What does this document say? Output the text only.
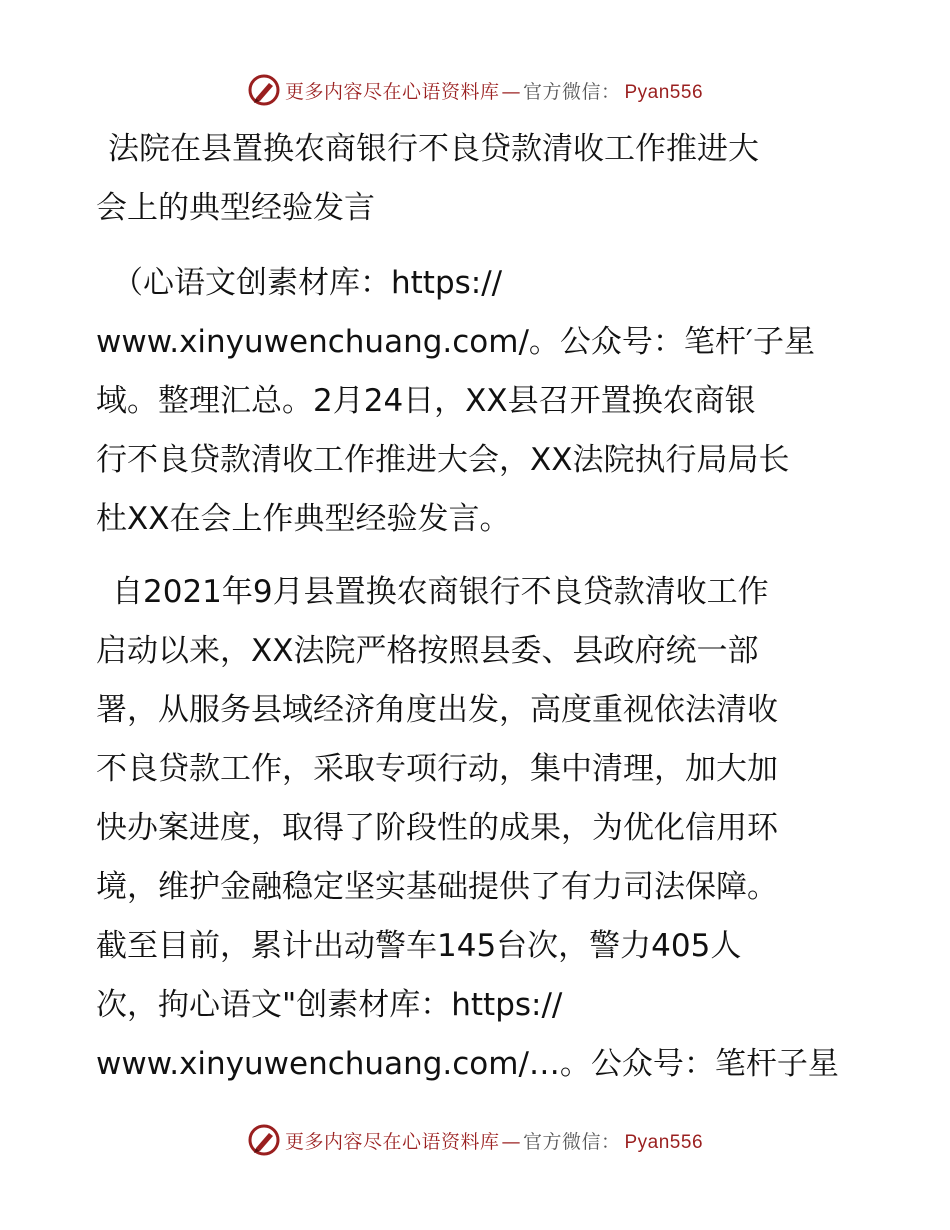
更多内容尽在心语资料库 — 官方微信： Pyan556
法院在县置换农商银行不良贷款清收工作推进大
会上的典型经验发言
（心语文创素材库：https://
www.xinyuwenchuang.com/。公众号：笔杆′子星
域。整理汇总。2月24日，XX县召开置换农商银
行不良贷款清收工作推进大会，XX法院执行局局长
杜XX在会上作典型经验发言。
自2021年9月县置换农商银行不良贷款清收工作
启动以来，XX法院严格按照县委、县政府统一部
署，从服务县域经济角度出发，高度重视依法清收
不良贷款工作，采取专项行动，集中清理，加大加
快办案进度，取得了阶段性的成果，为优化信用环
境，维护金融稳定坚实基础提供了有力司法保障。
截至目前，累计出动警车145台次，警力405人
次，拘心语文"创素材库：https://
www.xinyuwenchuang.com/…。公众号：笔杆子星
更多内容尽在心语资料库 — 官方微信： Pyan556
